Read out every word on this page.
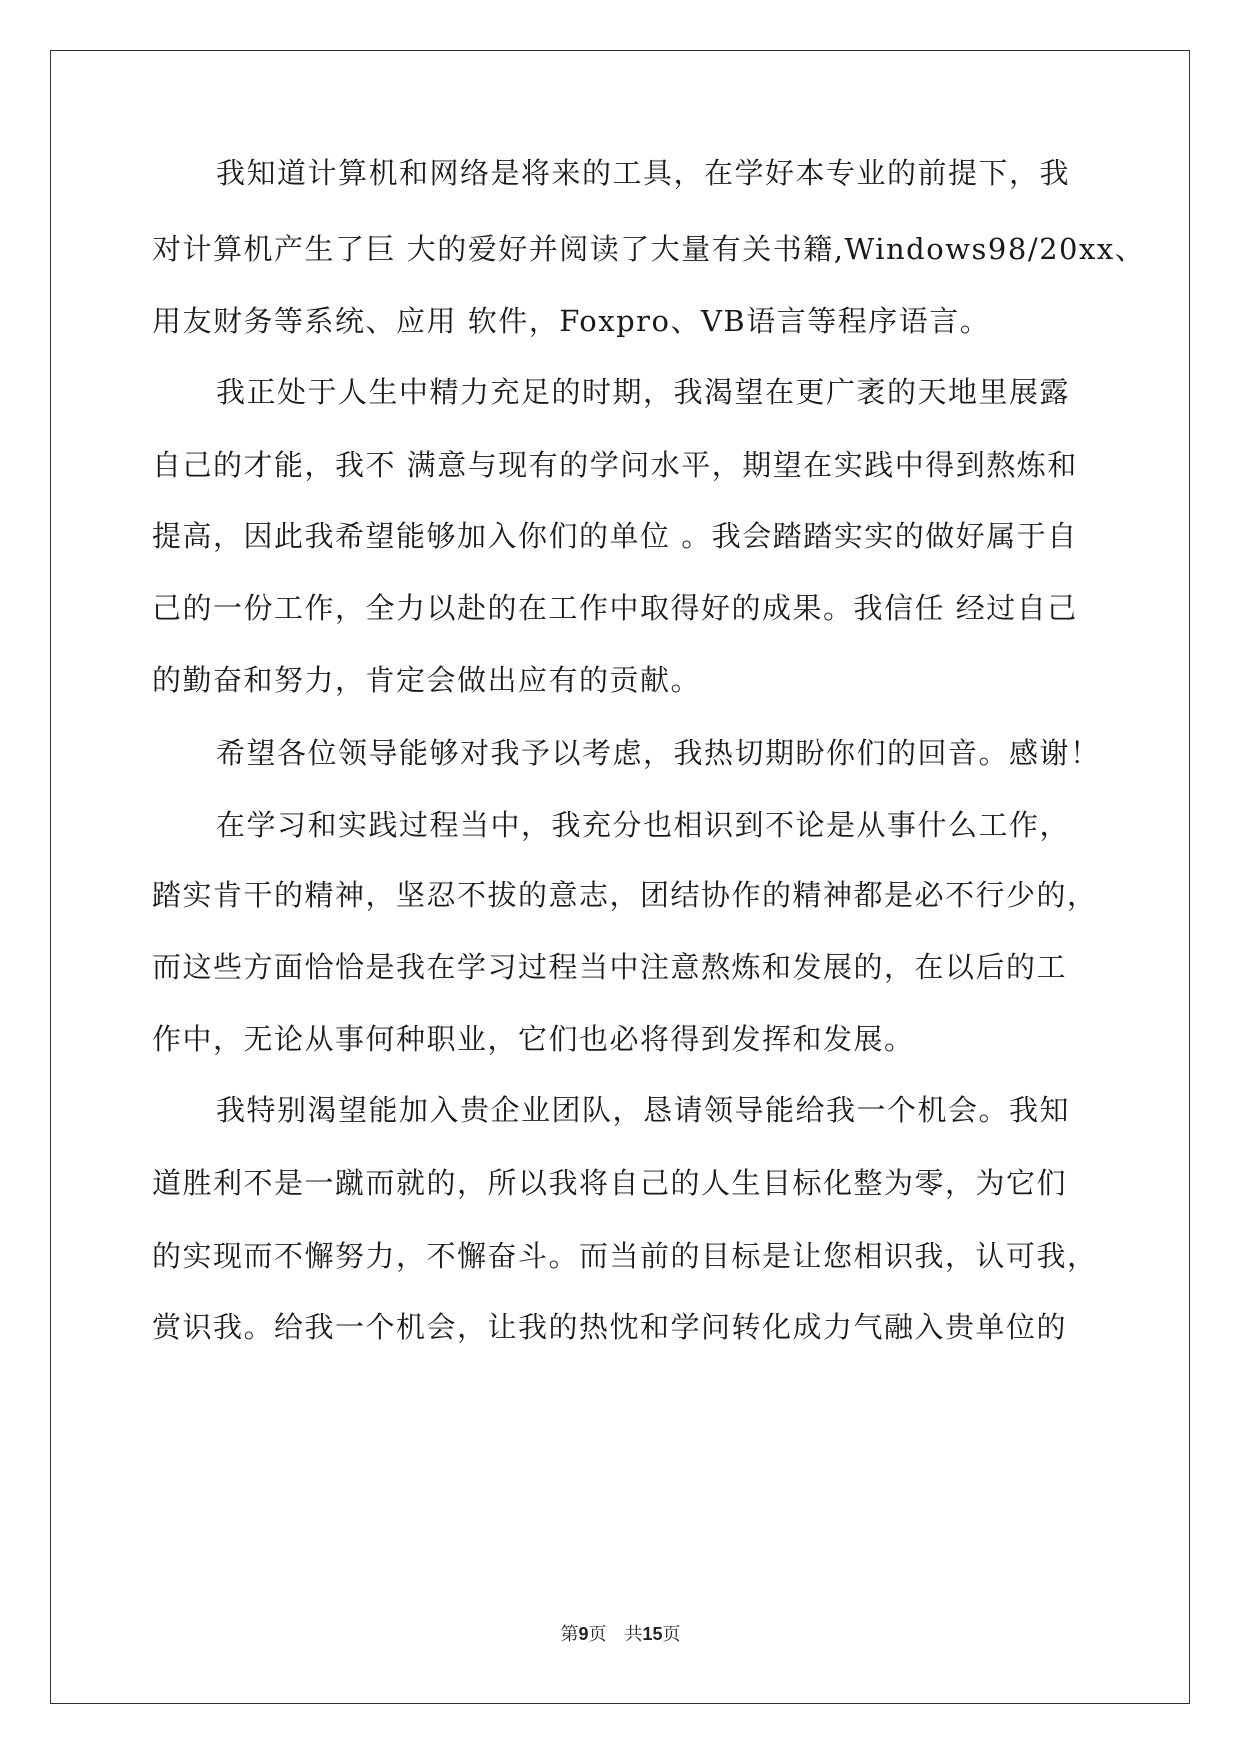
我知道计算机和网络是将来的工具，在学好本专业的前提下，我
对计算机产生了巨 大的爱好并阅读了大量有关书籍,Windows98/20xx、
用友财务等系统、应用 软件，Foxpro、VB语言等程序语言。
我正处于人生中精力充足的时期，我渴望在更广袤的天地里展露
自己的才能，我不 满意与现有的学问水平，期望在实践中得到熬炼和
提高，因此我希望能够加入你们的单位 。我会踏踏实实的做好属于自
己的一份工作，全力以赴的在工作中取得好的成果。我信任 经过自己
的勤奋和努力，肯定会做出应有的贡献。
希望各位领导能够对我予以考虑，我热切期盼你们的回音。感谢！
在学习和实践过程当中，我充分也相识到不论是从事什么工作，
踏实肯干的精神，坚忍不拔的意志，团结协作的精神都是必不行少的，
而这些方面恰恰是我在学习过程当中注意熬炼和发展的，在以后的工
作中，无论从事何种职业，它们也必将得到发挥和发展。
我特别渴望能加入贵企业团队，恳请领导能给我一个机会。我知
道胜利不是一蹴而就的，所以我将自己的人生目标化整为零，为它们
的实现而不懈努力，不懈奋斗。而当前的目标是让您相识我，认可我，
赏识我。给我一个机会，让我的热忱和学问转化成力气融入贵单位的
第9页 共15页
